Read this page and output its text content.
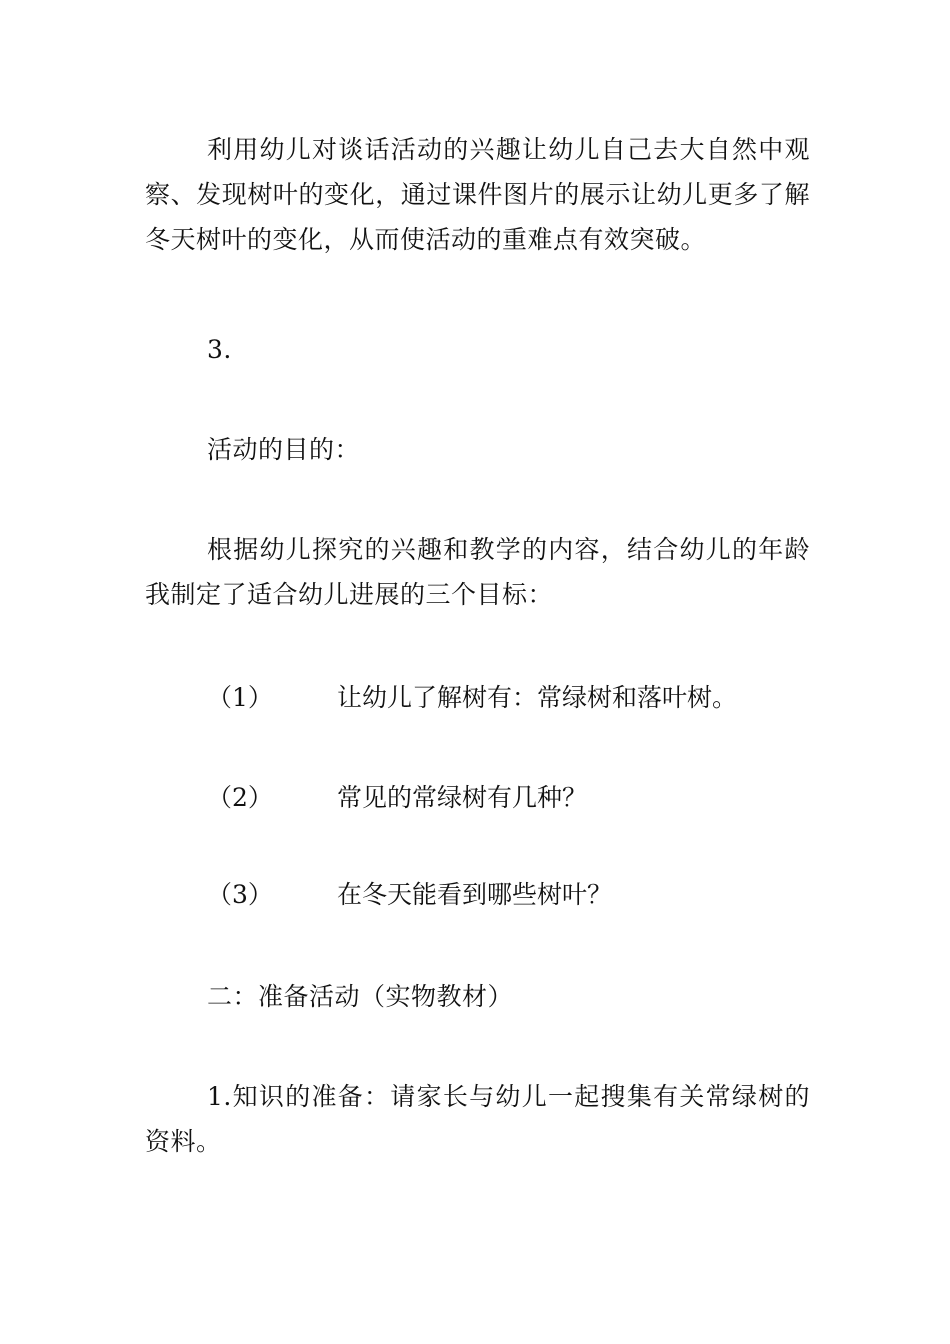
利用幼儿对谈话活动的兴趣让幼儿自己去大自然中观察、发现树叶的变化，通过课件图片的展示让幼儿更多了解冬天树叶的变化，从而使活动的重难点有效突破。

3.

活动的目的：

根据幼儿探究的兴趣和教学的内容，结合幼儿的年龄我制定了适合幼儿进展的三个目标：

（1）	让幼儿了解树有：常绿树和落叶树。
（2）	常见的常绿树有几种？
（3）	在冬天能看到哪些树叶？

二：准备活动（实物教材）

1.知识的准备：请家长与幼儿一起搜集有关常绿树的资料。
